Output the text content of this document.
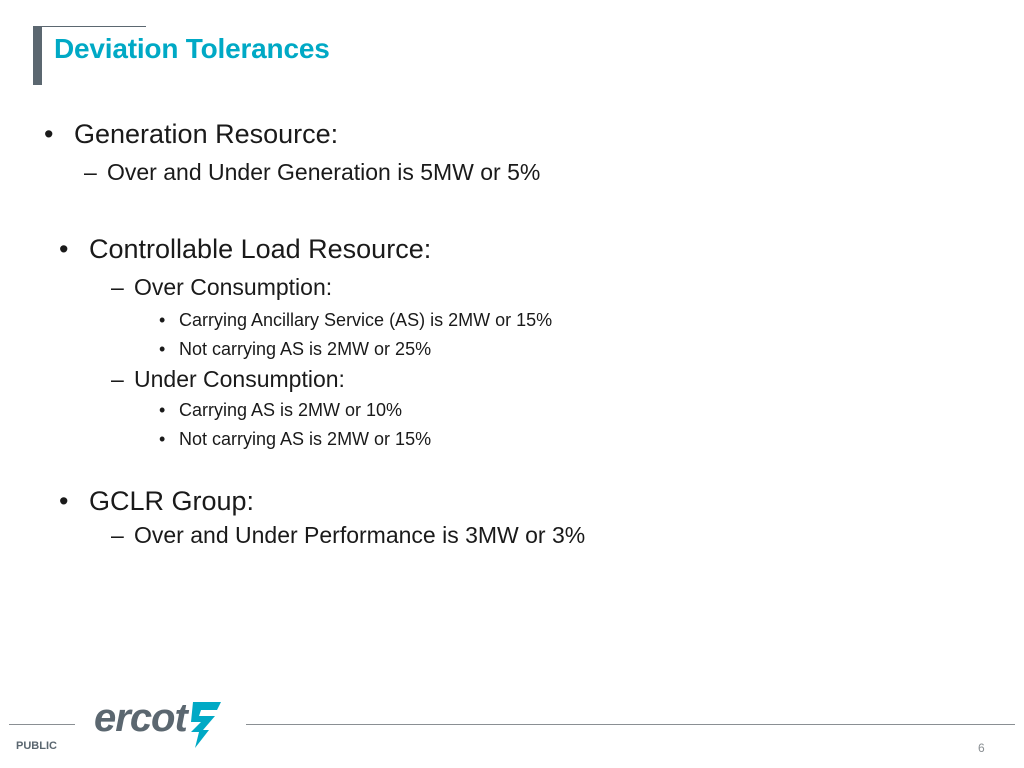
Deviation Tolerances
• Generation Resource:
– Over and Under Generation is 5MW or 5%
• Controllable Load Resource:
– Over Consumption:
• Carrying Ancillary Service (AS) is 2MW or 15%
• Not carrying AS is 2MW or 25%
– Under Consumption:
• Carrying AS is 2MW or 10%
• Not carrying AS is 2MW or 15%
• GCLR Group:
– Over and Under Performance is 3MW or 3%
ercot
PUBLIC	6
